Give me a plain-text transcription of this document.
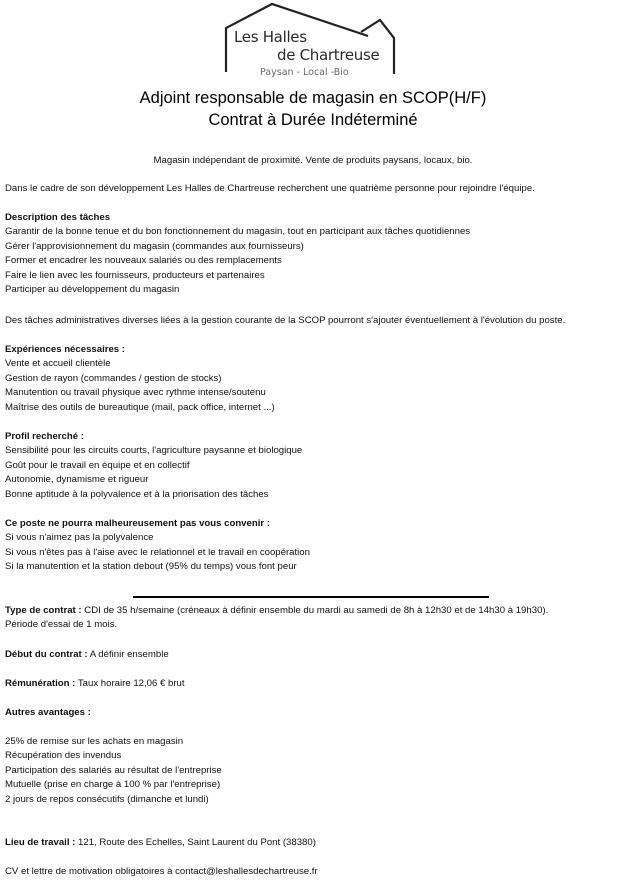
Les Halles
de Chartreuse
Paysan - Local -Bio
Adjoint responsable de magasin en SCOP(H/F)
Contrat à Durée Indéterminé
Magasin indépendant de proximité. Vente de produits paysans, locaux, bio.
Dans le cadre de son développement Les Halles de Chartreuse recherchent une quatrième personne pour rejoindre l'équipe.
Description des tâches
Garantir de la bonne tenue et du bon fonctionnement du magasin, tout en participant aux tâches quotidiennes
Gérer l'approvisionnement du magasin (commandes aux fournisseurs)
Former et encadrer les nouveaux salariés ou des remplacements
Faire le lien avec les fournisseurs, producteurs et partenaires
Participer au développement du magasin
Des tâches administratives diverses liées à la gestion courante de la SCOP pourront s'ajouter éventuellement à l'évolution du poste.
Expériences nécessaires :
Vente et accueil clientèle
Gestion de rayon (commandes / gestion de stocks)
Manutention ou travail physique avec rythme intense/soutenu
Maîtrise des outils de bureautique (mail, pack office, internet ...)
Profil recherché :
Sensibilité pour les circuits courts, l'agriculture paysanne et biologique
Goût pour le travail en équipe et en collectif
Autonomie, dynamisme et rigueur
Bonne aptitude à la polyvalence et à la priorisation des tâches
Ce poste ne pourra malheureusement pas vous convenir :
Si vous n'aimez pas la polyvalence
Si vous n'êtes pas à l'aise avec le relationnel et le travail en coopération
Si la manutention et la station debout (95% du temps) vous font peur
Type de contrat : CDI de 35 h/semaine (créneaux à définir ensemble du mardi au samedi de 8h à 12h30 et de 14h30 à 19h30).
Période d'essai de 1 mois.
Début du contrat : A définir ensemble
Rémunération : Taux horaire 12,06 € brut
Autres avantages :
25% de remise sur les achats en magasin
Récupération des invendus
Participation des salariés au résultat de l'entreprise
Mutuelle (prise en charge à 100 % par l'entreprise)
2 jours de repos consécutifs (dimanche et lundi)
Lieu de travail : 121, Route des Echelles, Saint Laurent du Pont (38380)
CV et lettre de motivation obligatoires à contact@leshallesdechartreuse.fr
